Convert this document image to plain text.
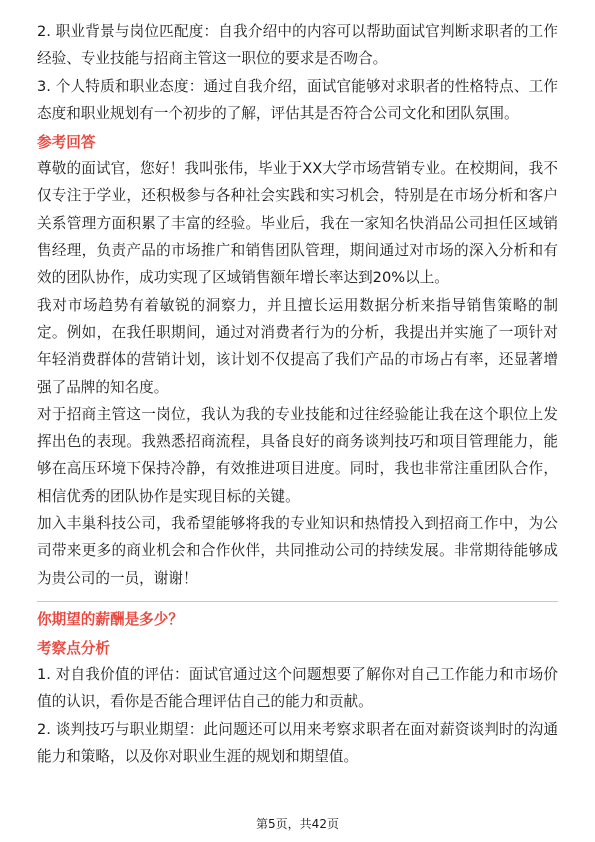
2. 职业背景与岗位匹配度：自我介绍中的内容可以帮助面试官判断求职者的工作经验、专业技能与招商主管这一职位的要求是否吻合。

3. 个人特质和职业态度：通过自我介绍，面试官能够对求职者的性格特点、工作态度和职业规划有一个初步的了解，评估其是否符合公司文化和团队氛围。

参考回答

尊敬的面试官，您好！我叫张伟，毕业于XX大学市场营销专业。在校期间，我不仅专注于学业，还积极参与各种社会实践和实习机会，特别是在市场分析和客户关系管理方面积累了丰富的经验。毕业后，我在一家知名快消品公司担任区域销售经理，负责产品的市场推广和销售团队管理，期间通过对市场的深入分析和有效的团队协作，成功实现了区域销售额年增长率达到20%以上。

我对市场趋势有着敏锐的洞察力，并且擅长运用数据分析来指导销售策略的制定。例如，在我任职期间，通过对消费者行为的分析，我提出并实施了一项针对年轻消费群体的营销计划，该计划不仅提高了我们产品的市场占有率，还显著增强了品牌的知名度。

对于招商主管这一岗位，我认为我的专业技能和过往经验能让我在这个职位上发挥出色的表现。我熟悉招商流程，具备良好的商务谈判技巧和项目管理能力，能够在高压环境下保持冷静，有效推进项目进度。同时，我也非常注重团队合作，相信优秀的团队协作是实现目标的关键。

加入丰巢科技公司，我希望能够将我的专业知识和热情投入到招商工作中，为公司带来更多的商业机会和合作伙伴，共同推动公司的持续发展。非常期待能够成为贵公司的一员，谢谢！

你期望的薪酬是多少？
考察点分析

1. 对自我价值的评估：面试官通过这个问题想要了解你对自己工作能力和市场价值的认识，看你是否能合理评估自己的能力和贡献。

2. 谈判技巧与职业期望：此问题还可以用来考察求职者在面对薪资谈判时的沟通能力和策略，以及你对职业生涯的规划和期望值。

第5页，共42页
